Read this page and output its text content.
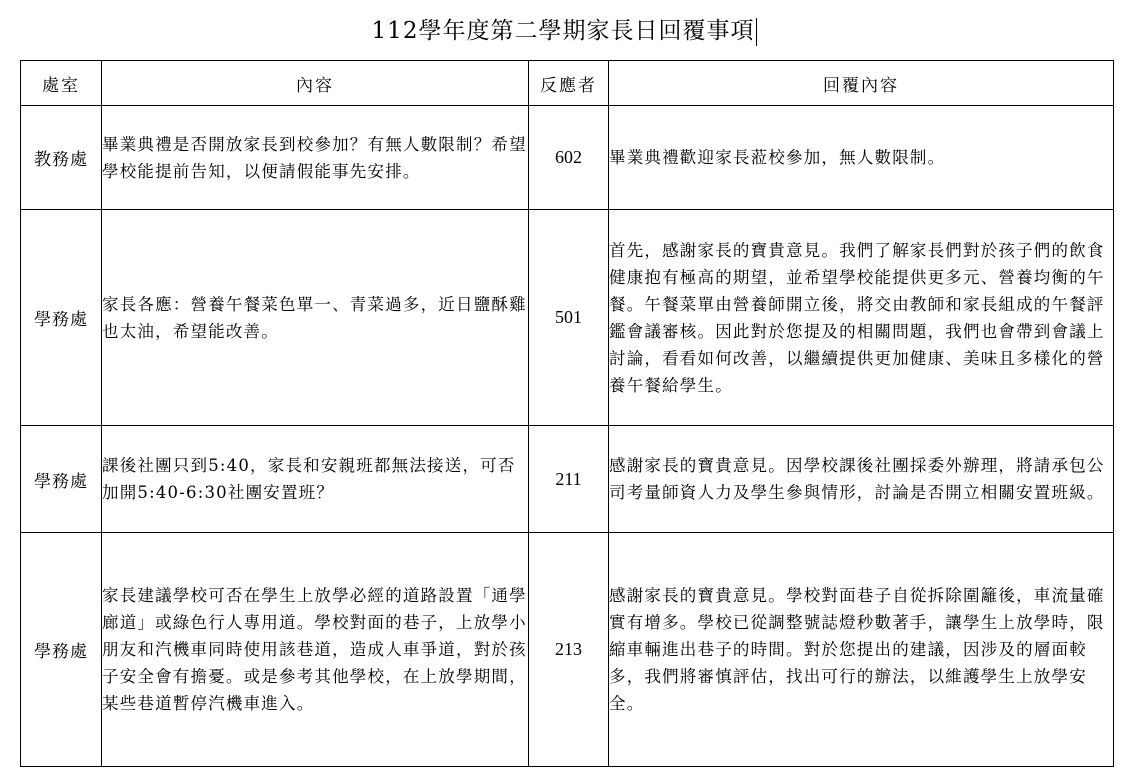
112學年度第二學期家長日回覆事項
處室	內容	反應者	回覆內容
教務處	畢業典禮是否開放家長到校參加？有無人數限制？希望學校能提前告知，以便請假能事先安排。	602	畢業典禮歡迎家長蒞校參加，無人數限制。
學務處	家長各應：營養午餐菜色單一、青菜過多，近日鹽酥雞也太油，希望能改善。	501	首先，感謝家長的寶貴意見。我們了解家長們對於孩子們的飲食健康抱有極高的期望，並希望學校能提供更多元、營養均衡的午餐。午餐菜單由營養師開立後，將交由教師和家長組成的午餐評鑑會議審核。因此對於您提及的相關問題，我們也會帶到會議上討論，看看如何改善，以繼續提供更加健康、美味且多樣化的營養午餐給學生。
學務處	課後社團只到5:40，家長和安親班都無法接送，可否加開5:40-6:30社團安置班？	211	感謝家長的寶貴意見。因學校課後社團採委外辦理，將請承包公司考量師資人力及學生參與情形，討論是否開立相關安置班級。
學務處	家長建議學校可否在學生上放學必經的道路設置「通學廊道」或綠色行人專用道。學校對面的巷子，上放學小朋友和汽機車同時使用該巷道，造成人車爭道，對於孩子安全會有擔憂。或是參考其他學校，在上放學期間，某些巷道暫停汽機車進入。	213	感謝家長的寶貴意見。學校對面巷子自從拆除圍籬後，車流量確實有增多。學校已從調整號誌燈秒數著手，讓學生上放學時，限縮車輛進出巷子的時間。對於您提出的建議，因涉及的層面較多，我們將審慎評估，找出可行的辦法，以維護學生上放學安全。
